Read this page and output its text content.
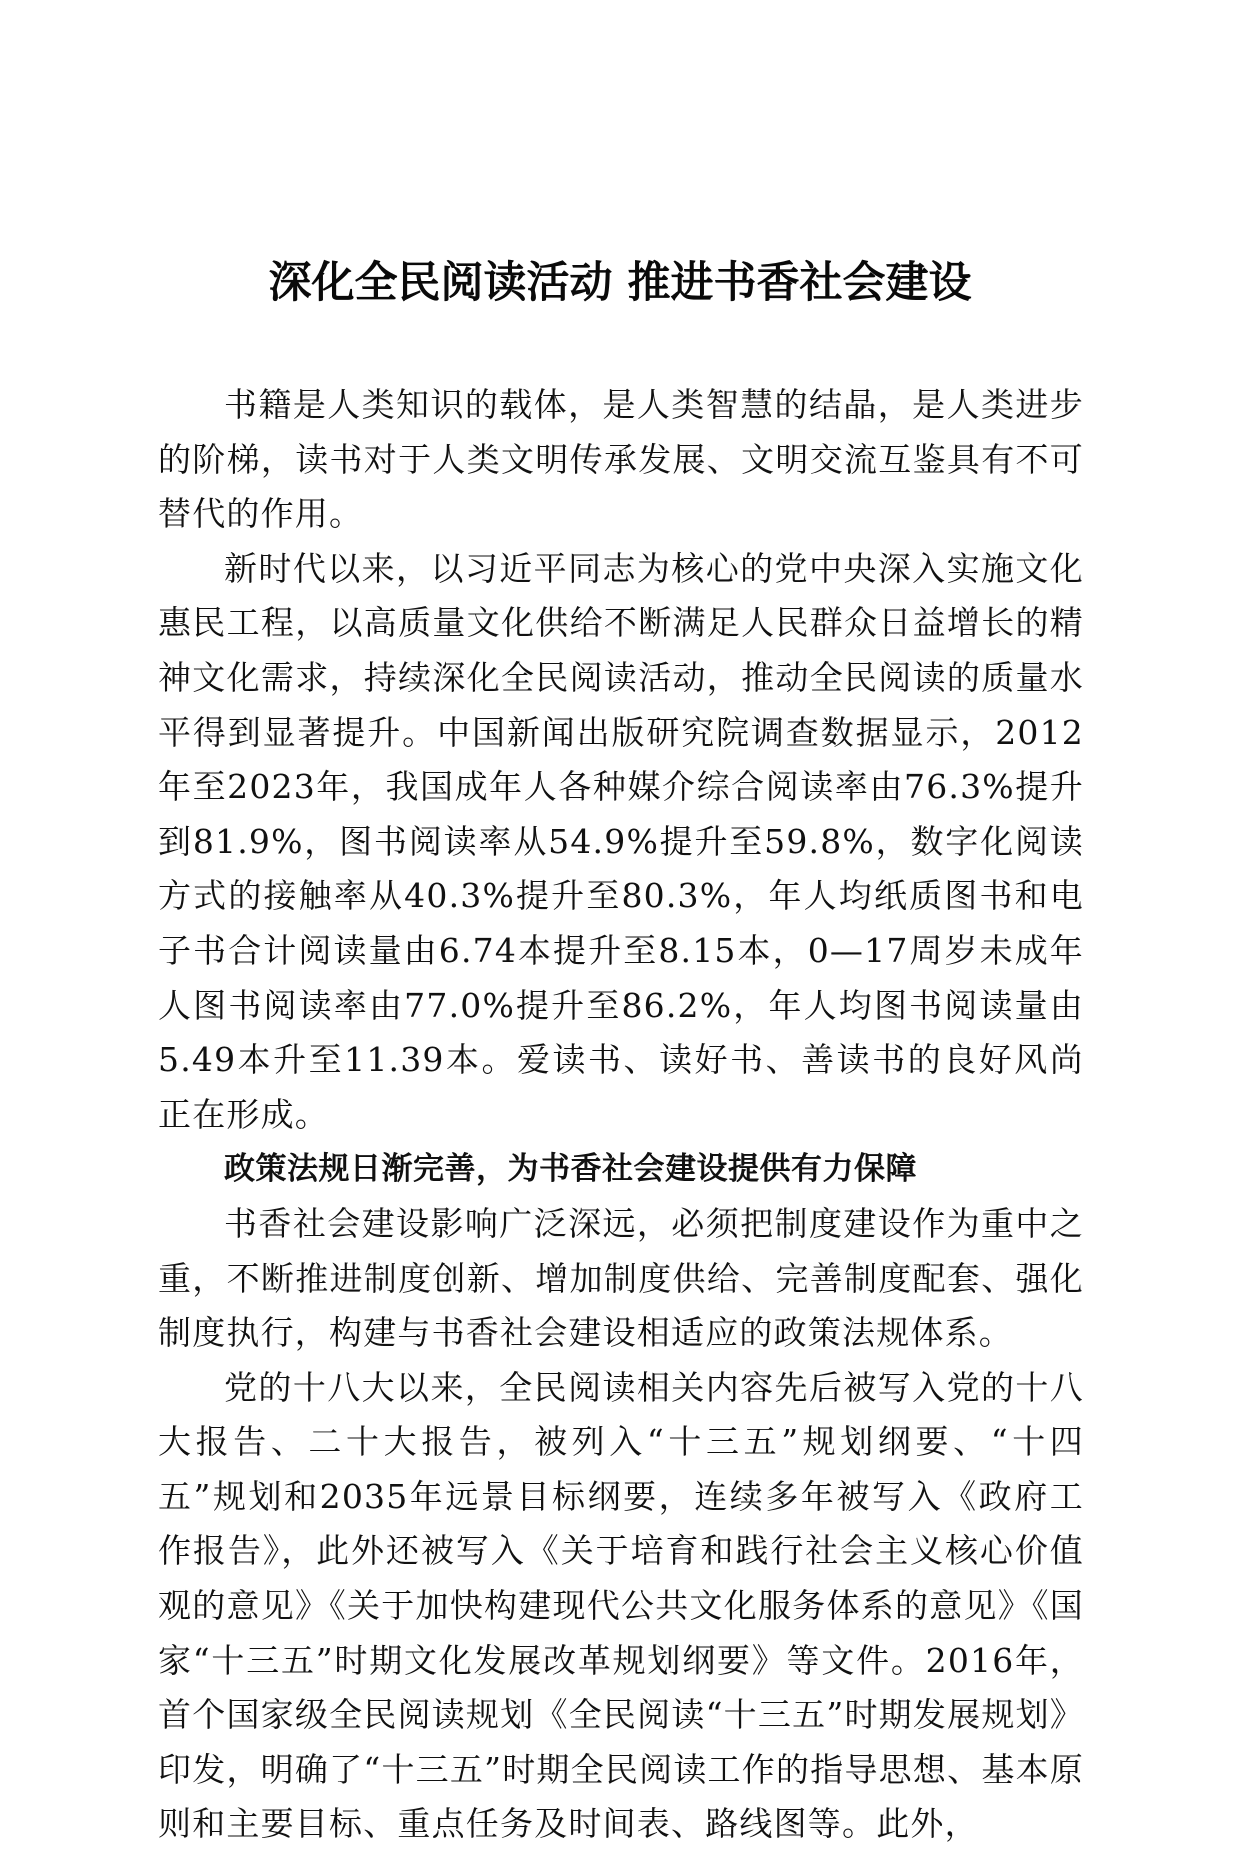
深化全民阅读活动 推进书香社会建设

书籍是人类知识的载体，是人类智慧的结晶，是人类进步的阶梯，读书对于人类文明传承发展、文明交流互鉴具有不可替代的作用。

新时代以来，以习近平同志为核心的党中央深入实施文化惠民工程，以高质量文化供给不断满足人民群众日益增长的精神文化需求，持续深化全民阅读活动，推动全民阅读的质量水平得到显著提升。中国新闻出版研究院调查数据显示，2012年至2023年，我国成年人各种媒介综合阅读率由76.3%提升到81.9%，图书阅读率从54.9%提升至59.8%，数字化阅读方式的接触率从40.3%提升至80.3%，年人均纸质图书和电子书合计阅读量由6.74本提升至8.15本，0—17周岁未成年人图书阅读率由77.0%提升至86.2%，年人均图书阅读量由5.49本升至11.39本。爱读书、读好书、善读书的良好风尚正在形成。

政策法规日渐完善，为书香社会建设提供有力保障

书香社会建设影响广泛深远，必须把制度建设作为重中之重，不断推进制度创新、增加制度供给、完善制度配套、强化制度执行，构建与书香社会建设相适应的政策法规体系。

党的十八大以来，全民阅读相关内容先后被写入党的十八大报告、二十大报告，被列入“十三五”规划纲要、“十四五”规划和2035年远景目标纲要，连续多年被写入《政府工作报告》，此外还被写入《关于培育和践行社会主义核心价值观的意见》《关于加快构建现代公共文化服务体系的意见》《国家“十三五”时期文化发展改革规划纲要》等文件。2016年，首个国家级全民阅读规划《全民阅读“十三五”时期发展规划》印发，明确了“十三五”时期全民阅读工作的指导思想、基本原则和主要目标、重点任务及时间表、路线图等。此外，
